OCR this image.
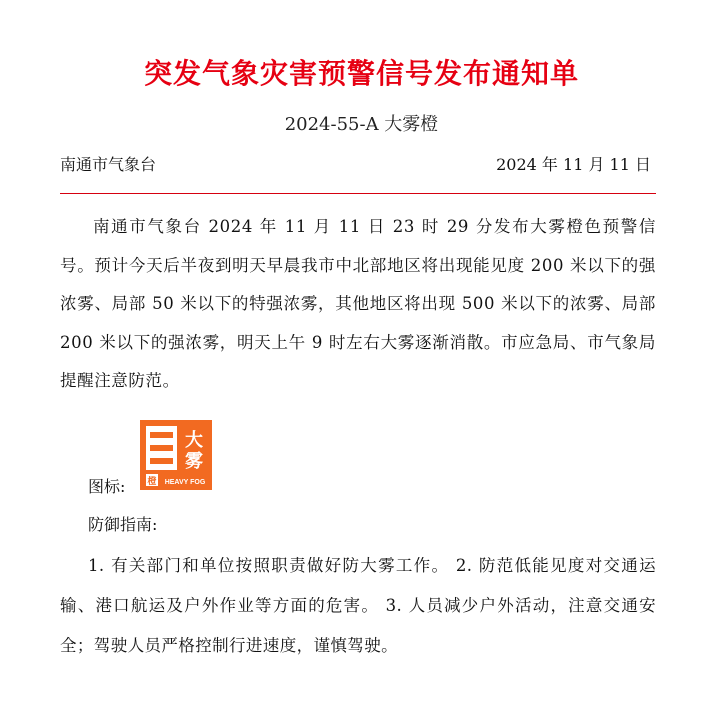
突发气象灾害预警信号发布通知单
2024-55-A 大雾橙
南通市气象台	2024 年 11 月 11 日
南通市气象台 2024 年 11 月 11 日 23 时 29 分发布大雾橙色预警信号。预计今天后半夜到明天早晨我市中北部地区将出现能见度 200 米以下的强浓雾、局部 50 米以下的特强浓雾，其他地区将出现 500 米以下的浓雾、局部 200 米以下的强浓雾，明天上午 9 时左右大雾逐渐消散。市应急局、市气象局提醒注意防范。
图标:
大
雾
橙 HEAVY FOG
防御指南:
1. 有关部门和单位按照职责做好防大雾工作。 2. 防范低能见度对交通运输、港口航运及户外作业等方面的危害。 3. 人员减少户外活动，注意交通安全；驾驶人员严格控制行进速度，谨慎驾驶。
